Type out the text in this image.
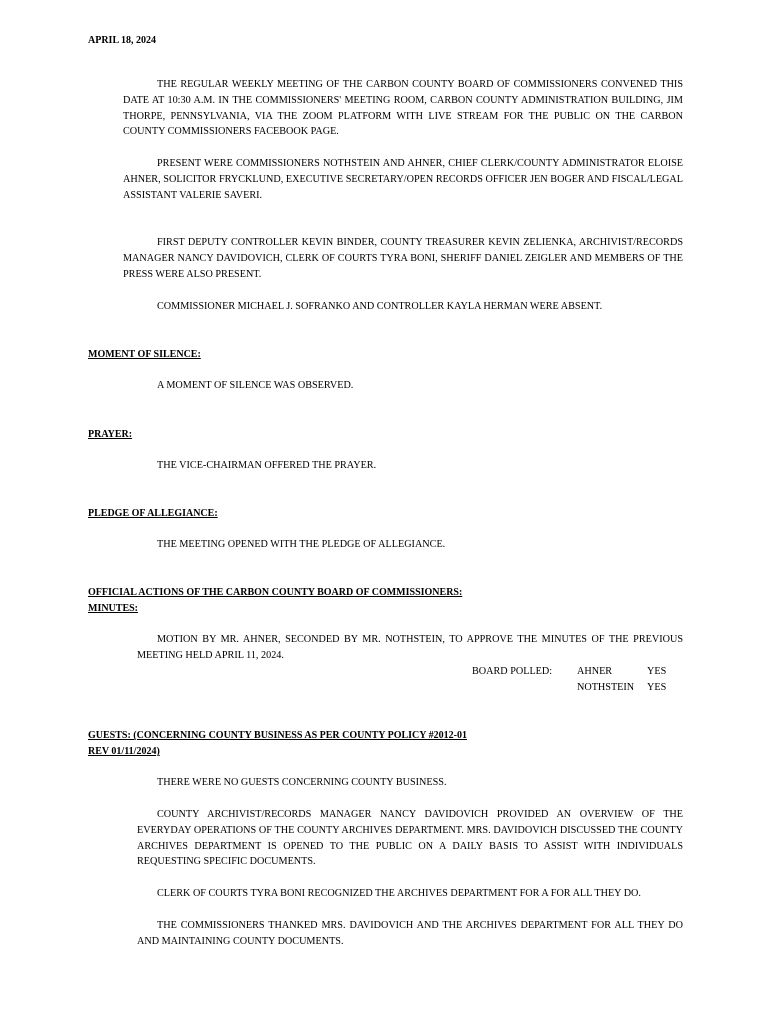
APRIL 18, 2024
THE REGULAR WEEKLY MEETING OF THE CARBON COUNTY BOARD OF COMMISSIONERS CONVENED THIS DATE AT 10:30 A.M. IN THE COMMISSIONERS' MEETING ROOM, CARBON COUNTY ADMINISTRATION BUILDING, JIM THORPE, PENNSYLVANIA, VIA THE ZOOM PLATFORM WITH LIVE STREAM FOR THE PUBLIC ON THE CARBON COUNTY COMMISSIONERS FACEBOOK PAGE.
PRESENT WERE COMMISSIONERS NOTHSTEIN AND AHNER, CHIEF CLERK/COUNTY ADMINISTRATOR ELOISE AHNER, SOLICITOR FRYCKLUND, EXECUTIVE SECRETARY/OPEN RECORDS OFFICER JEN BOGER AND FISCAL/LEGAL ASSISTANT VALERIE SAVERI.
FIRST DEPUTY CONTROLLER KEVIN BINDER, COUNTY TREASURER KEVIN ZELIENKA, ARCHIVIST/RECORDS MANAGER NANCY DAVIDOVICH, CLERK OF COURTS TYRA BONI, SHERIFF DANIEL ZEIGLER AND MEMBERS OF THE PRESS WERE ALSO PRESENT.
COMMISSIONER MICHAEL J. SOFRANKO AND CONTROLLER KAYLA HERMAN WERE ABSENT.
MOMENT OF SILENCE:
A MOMENT OF SILENCE WAS OBSERVED.
PRAYER:
THE VICE-CHAIRMAN OFFERED THE PRAYER.
PLEDGE OF ALLEGIANCE:
THE MEETING OPENED WITH THE PLEDGE OF ALLEGIANCE.
OFFICIAL ACTIONS OF THE CARBON COUNTY BOARD OF COMMISSIONERS:
MINUTES:
MOTION BY MR. AHNER, SECONDED BY MR. NOTHSTEIN, TO APPROVE THE MINUTES OF THE PREVIOUS MEETING HELD APRIL 11, 2024.
BOARD POLLED: AHNER	YES
NOTHSTEIN YES
GUESTS: (CONCERNING COUNTY BUSINESS AS PER COUNTY POLICY #2012-01
REV 01/11/2024)
THERE WERE NO GUESTS CONCERNING COUNTY BUSINESS.
COUNTY ARCHIVIST/RECORDS MANAGER NANCY DAVIDOVICH PROVIDED AN OVERVIEW OF THE EVERYDAY OPERATIONS OF THE COUNTY ARCHIVES DEPARTMENT. MRS. DAVIDOVICH DISCUSSED THE COUNTY ARCHIVES DEPARTMENT IS OPENED TO THE PUBLIC ON A DAILY BASIS TO ASSIST WITH INDIVIDUALS REQUESTING SPECIFIC DOCUMENTS.
CLERK OF COURTS TYRA BONI RECOGNIZED THE ARCHIVES DEPARTMENT FOR A FOR ALL THEY DO.
THE COMMISSIONERS THANKED MRS. DAVIDOVICH AND THE ARCHIVES DEPARTMENT FOR ALL THEY DO AND MAINTAINING COUNTY DOCUMENTS.
